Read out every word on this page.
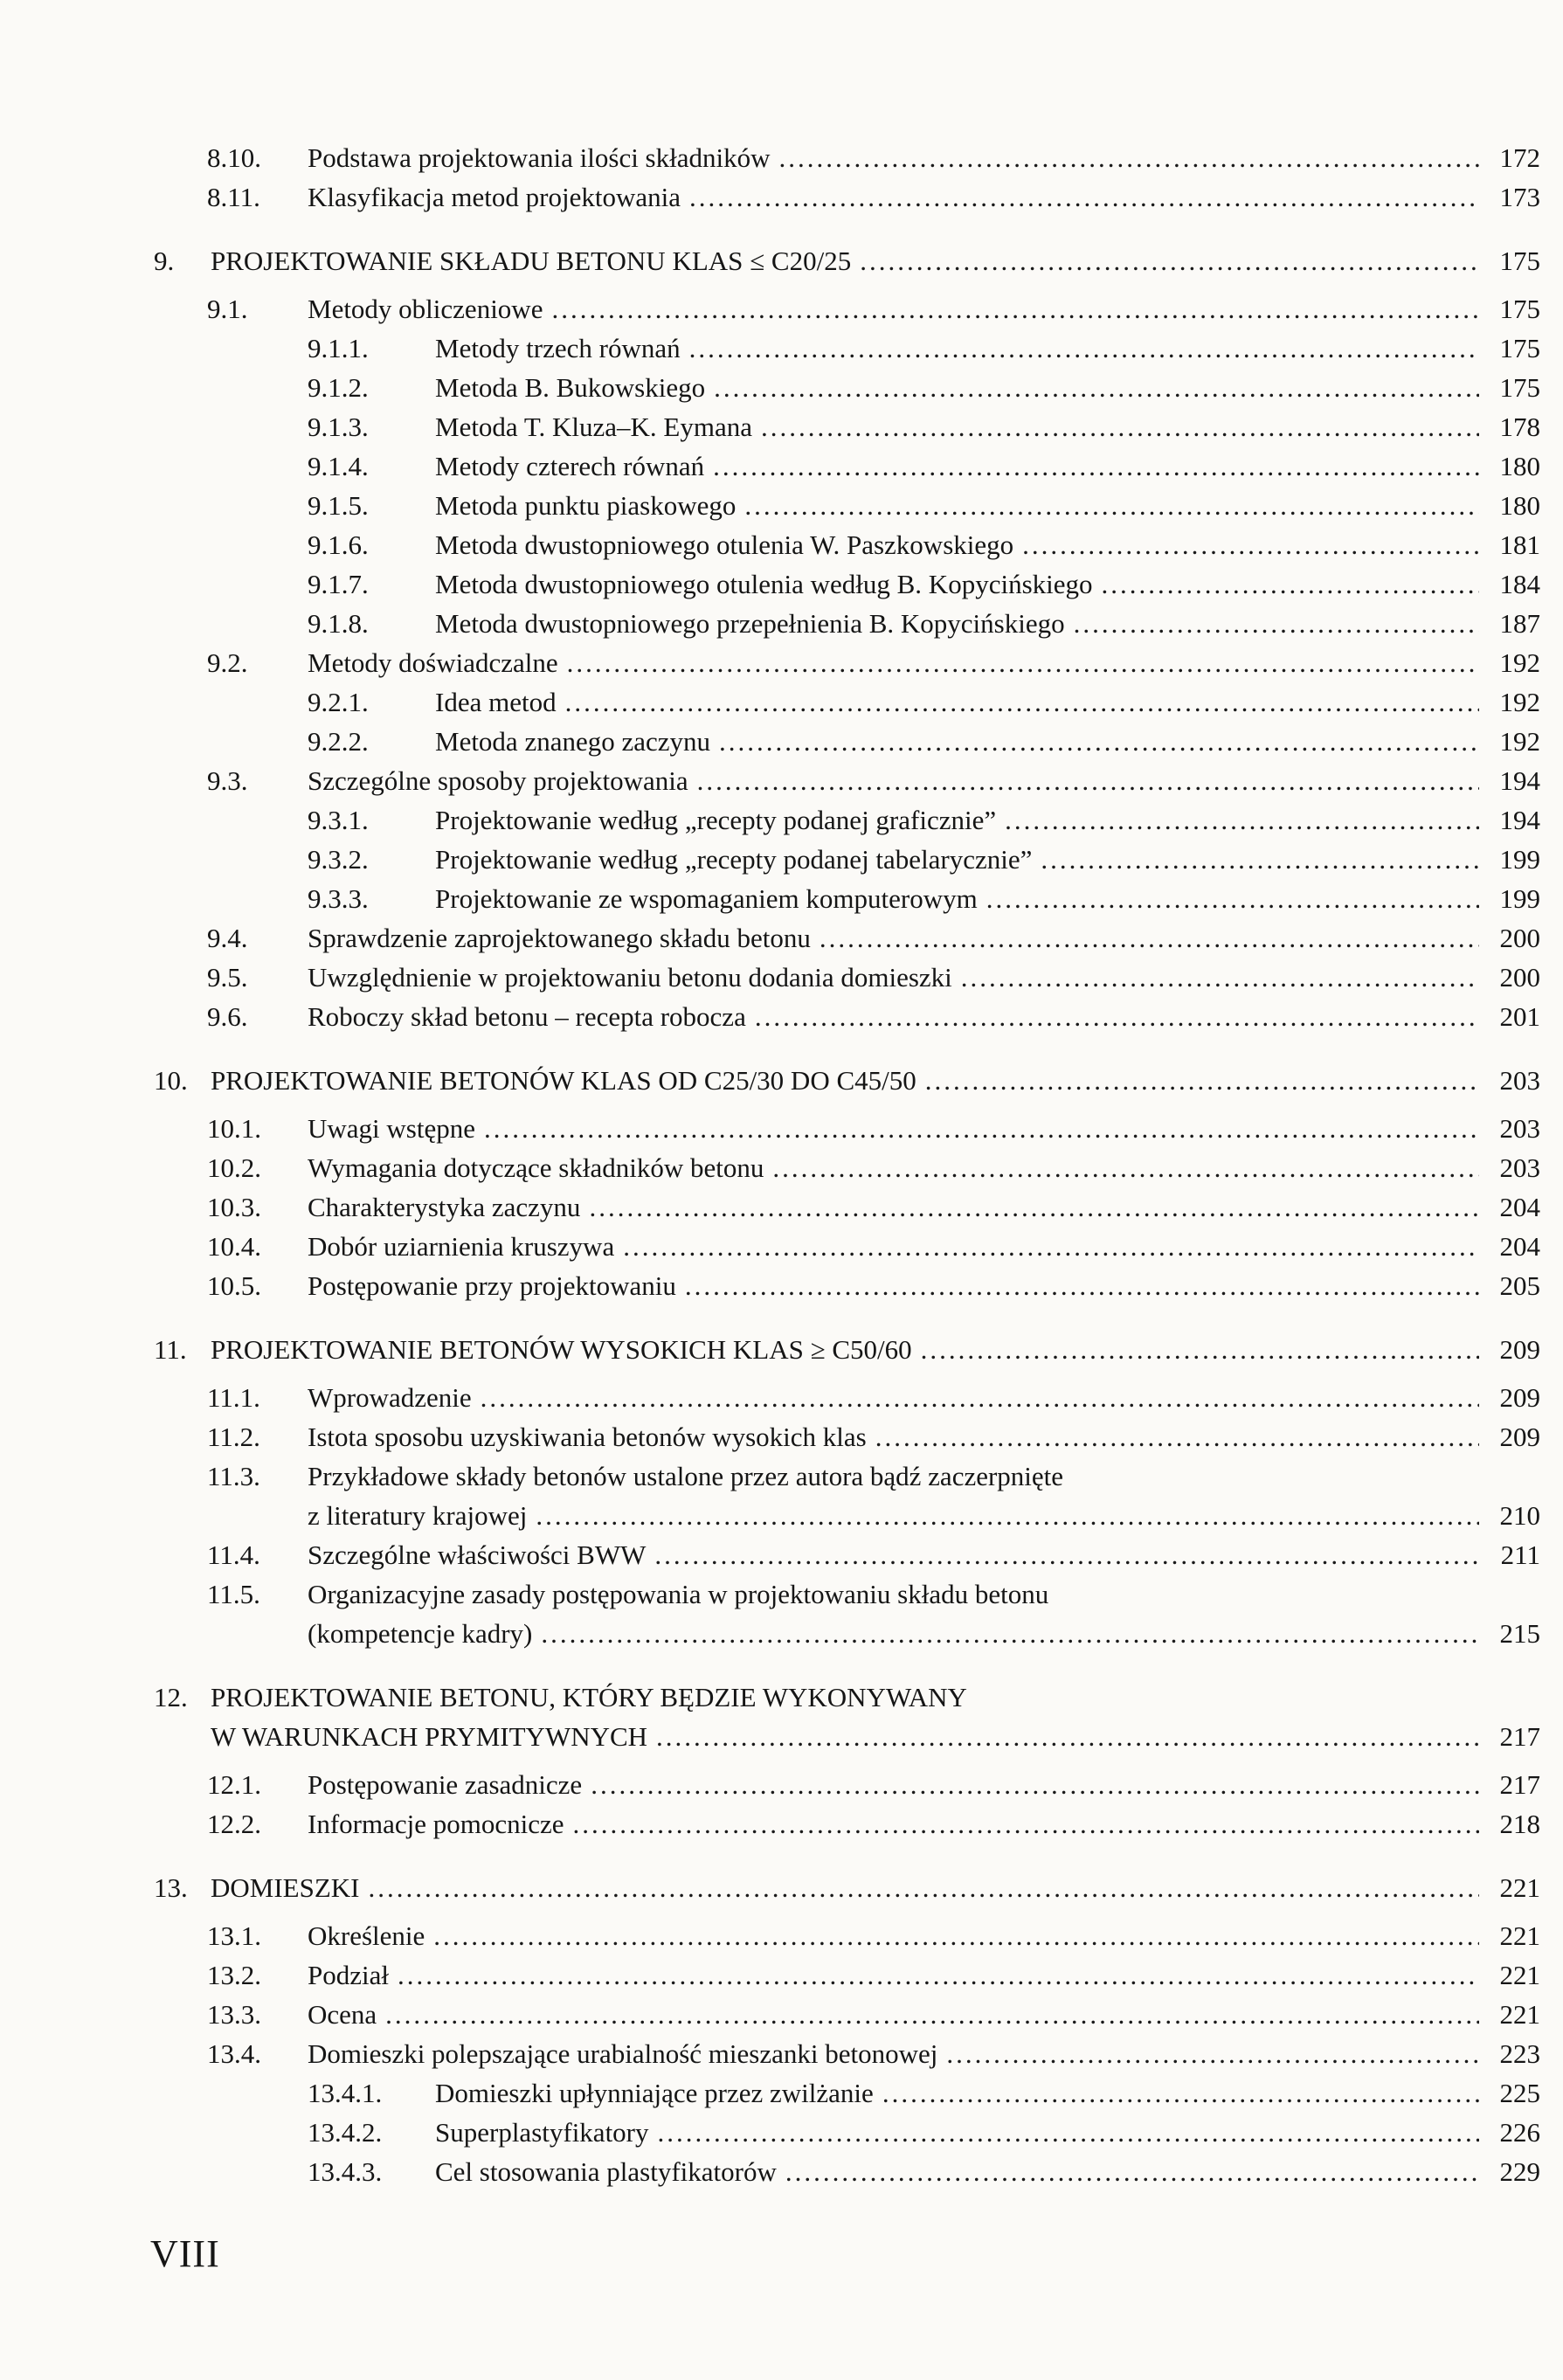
8.10.	Podstawa projektowania ilości składników .....	172
8.11.	Klasyfikacja metod projektowania .....	173
9.	PROJEKTOWANIE SKŁADU BETONU KLAS ≤ C20/25 .....	175
9.1.	Metody obliczeniowe .....	175
9.1.1.	Metody trzech równań .....	175
9.1.2.	Metoda B. Bukowskiego .....	175
9.1.3.	Metoda T. Kluza–K. Eymana .....	178
9.1.4.	Metody czterech równań .....	180
9.1.5.	Metoda punktu piaskowego .....	180
9.1.6.	Metoda dwustopniowego otulenia W. Paszkowskiego .....	181
9.1.7.	Metoda dwustopniowego otulenia według B. Kopycińskiego .....	184
9.1.8.	Metoda dwustopniowego przepełnienia B. Kopycińskiego .....	187
9.2.	Metody doświadczalne .....	192
9.2.1.	Idea metod .....	192
9.2.2.	Metoda znanego zaczynu .....	192
9.3.	Szczególne sposoby projektowania .....	194
9.3.1.	Projektowanie według „recepty podanej graficznie” .....	194
9.3.2.	Projektowanie według „recepty podanej tabelarycznie” .....	199
9.3.3.	Projektowanie ze wspomaganiem komputerowym .....	199
9.4.	Sprawdzenie zaprojektowanego składu betonu .....	200
9.5.	Uwzględnienie w projektowaniu betonu dodania domieszki .....	200
9.6.	Roboczy skład betonu – recepta robocza .....	201
10. PROJEKTOWANIE BETONÓW KLAS OD C25/30 DO C45/50 .....	203
10.1.	Uwagi wstępne .....	203
10.2.	Wymagania dotyczące składników betonu .....	203
10.3.	Charakterystyka zaczynu .....	204
10.4.	Dobór uziarnienia kruszywa .....	204
10.5.	Postępowanie przy projektowaniu .....	205
11. PROJEKTOWANIE BETONÓW WYSOKICH KLAS ≥ C50/60 .....	209
11.1.	Wprowadzenie .....	209
11.2.	Istota sposobu uzyskiwania betonów wysokich klas .....	209
11.3.	Przykładowe składy betonów ustalone przez autora bądź zaczerpnięte
z literatury krajowej .....	210
11.4.	Szczególne właściwości BWW .....	211
11.5.	Organizacyjne zasady postępowania w projektowaniu składu betonu
(kompetencje kadry) .....	215
12. PROJEKTOWANIE BETONU, KTÓRY BĘDZIE WYKONYWANY
W WARUNKACH PRYMITYWNYCH .....	217
12.1.	Postępowanie zasadnicze .....	217
12.2.	Informacje pomocnicze .....	218
13. DOMIESZKI .....	221
13.1.	Określenie .....	221
13.2.	Podział .....	221
13.3.	Ocena .....	221
13.4.	Domieszki polepszające urabialność mieszanki betonowej .....	223
13.4.1.	Domieszki upłynniające przez zwilżanie .....	225
13.4.2.	Superplastyfikatory .....	226
13.4.3.	Cel stosowania plastyfikatorów .....	229
VIII
